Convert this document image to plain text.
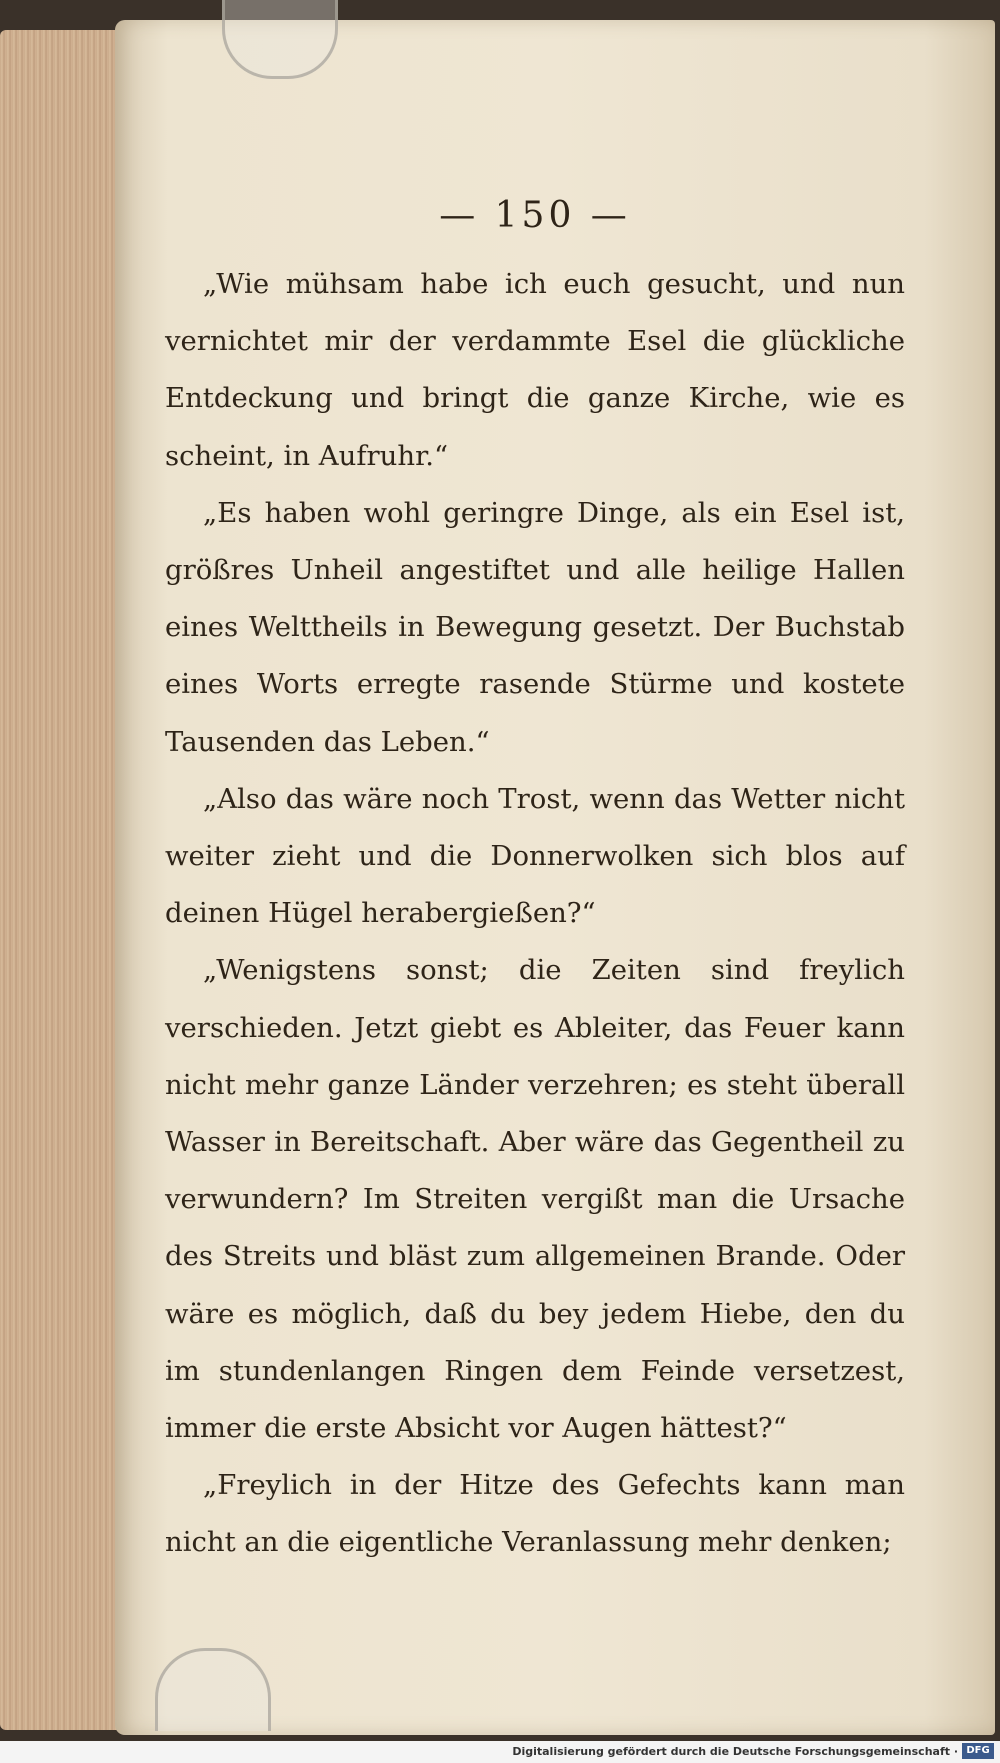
— 150 —

„Wie mühsam habe ich euch gesucht, und nun vernichtet mir der verdammte Esel die glückliche Entdeckung und bringt die ganze Kirche, wie es scheint, in Aufruhr.“

„Es haben wohl geringre Dinge, als ein Esel ist, größres Unheil angestiftet und alle heilige Hallen eines Welttheils in Bewegung gesetzt. Der Buchstab eines Worts erregte rasende Stürme und kostete Tausenden das Leben.“

„Also das wäre noch Trost, wenn das Wetter nicht weiter zieht und die Donnerwolken sich blos auf deinen Hügel herabergießen?“

„Wenigstens sonst; die Zeiten sind freylich verschieden. Jetzt giebt es Ableiter, das Feuer kann nicht mehr ganze Länder verzehren; es steht überall Wasser in Bereitschaft. Aber wäre das Gegentheil zu verwundern? Im Streiten vergißt man die Ursache des Streits und bläst zum allgemeinen Brande. Oder wäre es möglich, daß du bey jedem Hiebe, den du im stundenlangen Ringen dem Feinde versetzest, immer die erste Absicht vor Augen hättest?“

„Freylich in der Hitze des Gefechts kann man nicht an die eigentliche Veranlassung mehr denken;

Digitalisierung gefördert durch die Deutsche Forschungsgemeinschaft · DFG
